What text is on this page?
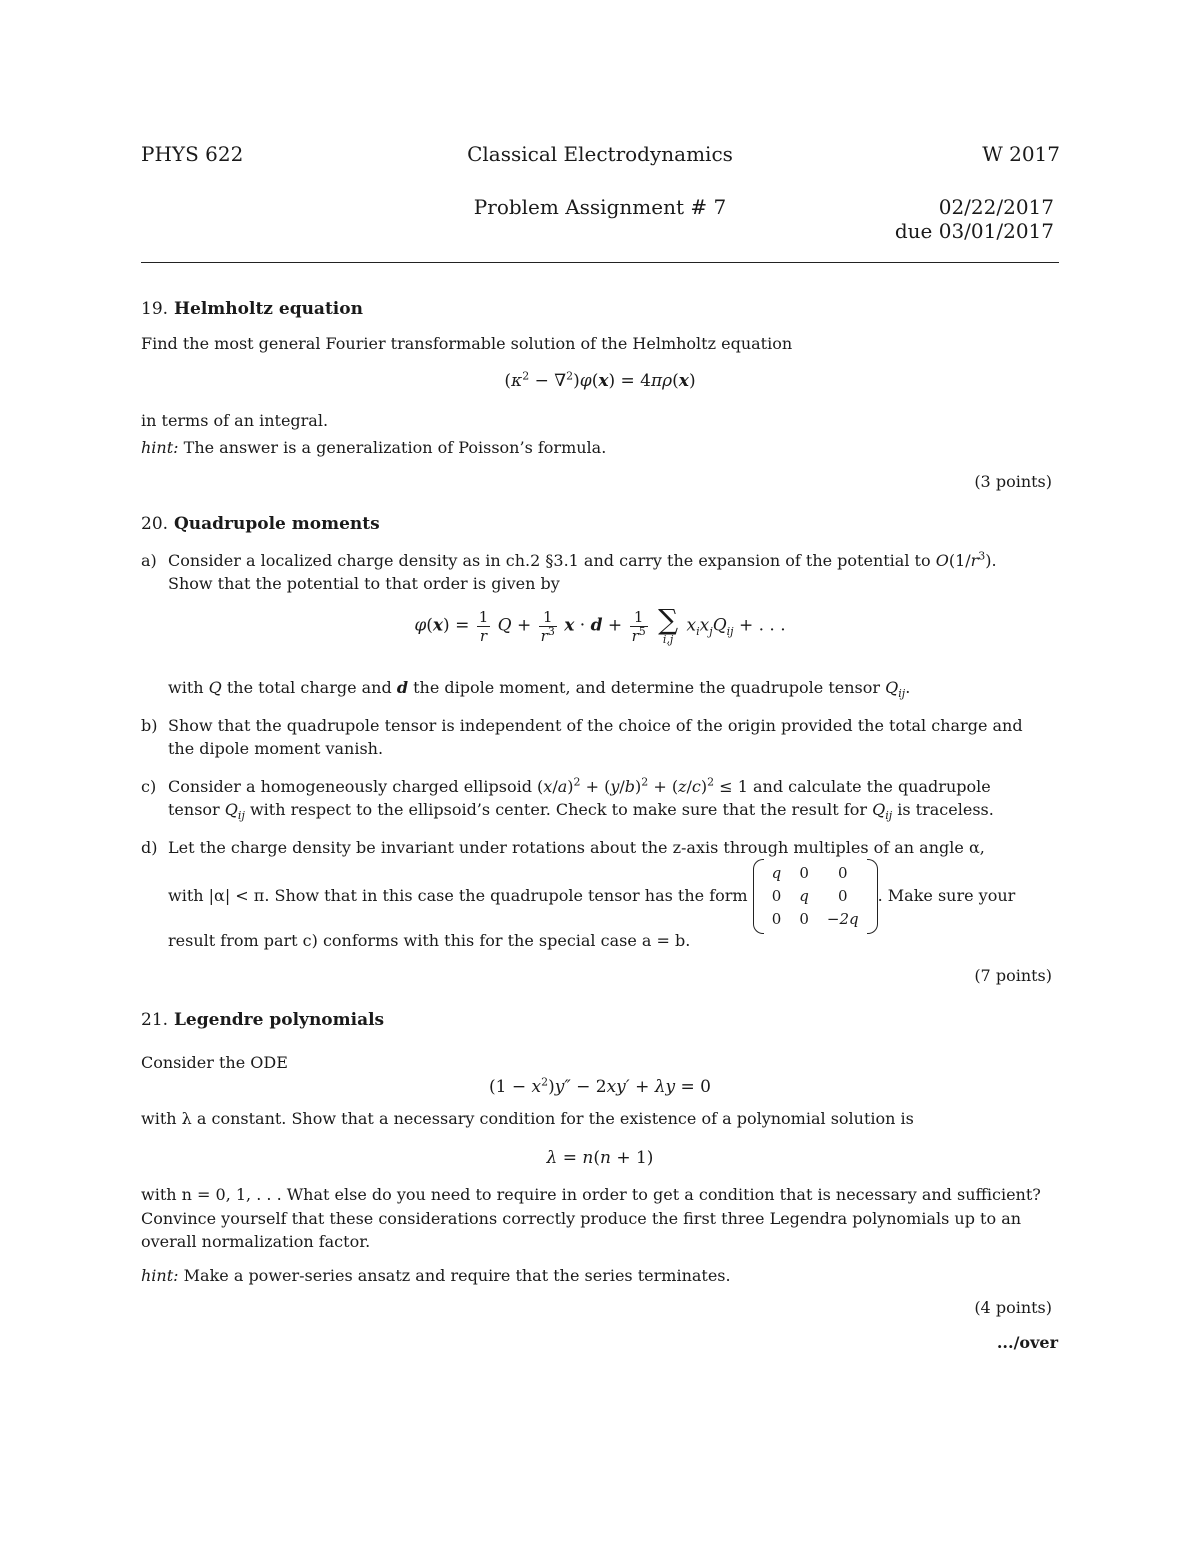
PHYS 622	Classical Electrodynamics	W 2017
Problem Assignment # 7	02/22/2017
due 03/01/2017
19. Helmholtz equation
Find the most general Fourier transformable solution of the Helmholtz equation
$(\kappa^2 - \nabla^2)\varphi(x) = 4\pi\rho(x)$
in terms of an integral.
hint: The answer is a generalization of Poisson’s formula.
(3 points)
20. Quadrupole moments
a) Consider a localized charge density as in ch.2 §3.1 and carry the expansion of the potential to $O(1/r^3)$.
Show that the potential to that order is given by
$\varphi(x) = \frac{1}{r}$ $Q + \frac{1}{r^3}$ $x \cdot d + \frac{1}{r^5}$
∑
i,j
$x_ix_jQ_{ij}$ + . . .
with Q the total charge and d the dipole moment, and determine the quadrupole tensor $Q_{ij}$.
b) Show that the quadrupole tensor is independent of the choice of the origin provided the total charge and
the dipole moment vanish.
c) Consider a homogeneously charged ellipsoid $(x/a)^2 + (y/b)^2 + (z/c)^2 \le 1$ and calculate the quadrupole
tensor $Q_{ij}$ with respect to the ellipsoid’s center. Check to make sure that the result for $Q_{ij}$ is traceless.
d) Let the charge density be invariant under rotations about the z-axis through multiples of an angle α,
with |α| < π. Show that in this case the quadrupole tensor has the form
q	0	0
0	q	0
0	0	−2q
. Make sure your
result from part c) conforms with this for the special case a = b.
(7 points)
21. Legendre polynomials
Consider the ODE
$(1 - x^2)y'' - 2xy' + \lambda y = 0$
with λ a constant. Show that a necessary condition for the existence of a polynomial solution is
λ = n(n + 1)
with n = 0, 1, . . . What else do you need to require in order to get a condition that is necessary and sufficient?
Convince yourself that these considerations correctly produce the first three Legendra polynomials up to an
overall normalization factor.
hint: Make a power-series ansatz and require that the series terminates.
(4 points)
.../over
